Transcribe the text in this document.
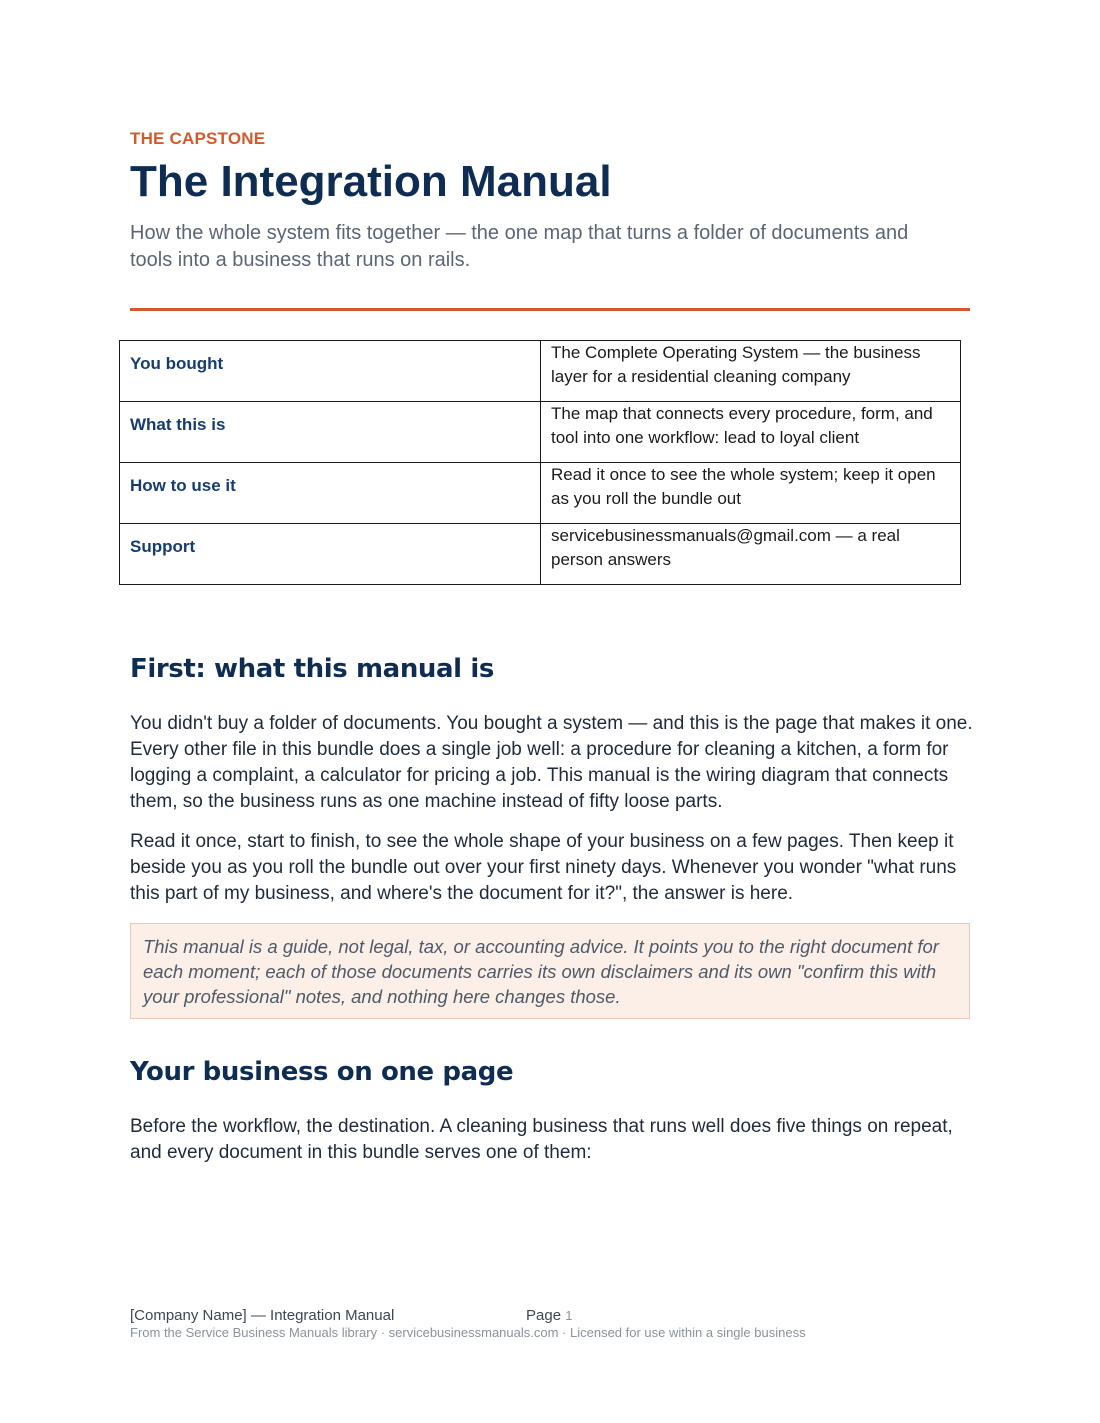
THE CAPSTONE
The Integration Manual
How the whole system fits together — the one map that turns a folder of documents and tools into a business that runs on rails.
You bought	The Complete Operating System — the business layer for a residential cleaning company
What this is	The map that connects every procedure, form, and tool into one workflow: lead to loyal client
How to use it	Read it once to see the whole system; keep it open as you roll the bundle out
Support	servicebusinessmanuals@gmail.com — a real person answers
First: what this manual is

You didn't buy a folder of documents. You bought a system — and this is the page that makes it one. Every other file in this bundle does a single job well: a procedure for cleaning a kitchen, a form for logging a complaint, a calculator for pricing a job. This manual is the wiring diagram that connects them, so the business runs as one machine instead of fifty loose parts.

Read it once, start to finish, to see the whole shape of your business on a few pages. Then keep it beside you as you roll the bundle out over your first ninety days. Whenever you wonder "what runs this part of my business, and where's the document for it?", the answer is here.

This manual is a guide, not legal, tax, or accounting advice. It points you to the right document for each moment; each of those documents carries its own disclaimers and its own "confirm this with your professional" notes, and nothing here changes those.
Your business on one page

Before the workflow, the destination. A cleaning business that runs well does five things on repeat, and every document in this bundle serves one of them:

[Company Name] — Integration Manual	Page 1
From the Service Business Manuals library · servicebusinessmanuals.com · Licensed for use within a single business
